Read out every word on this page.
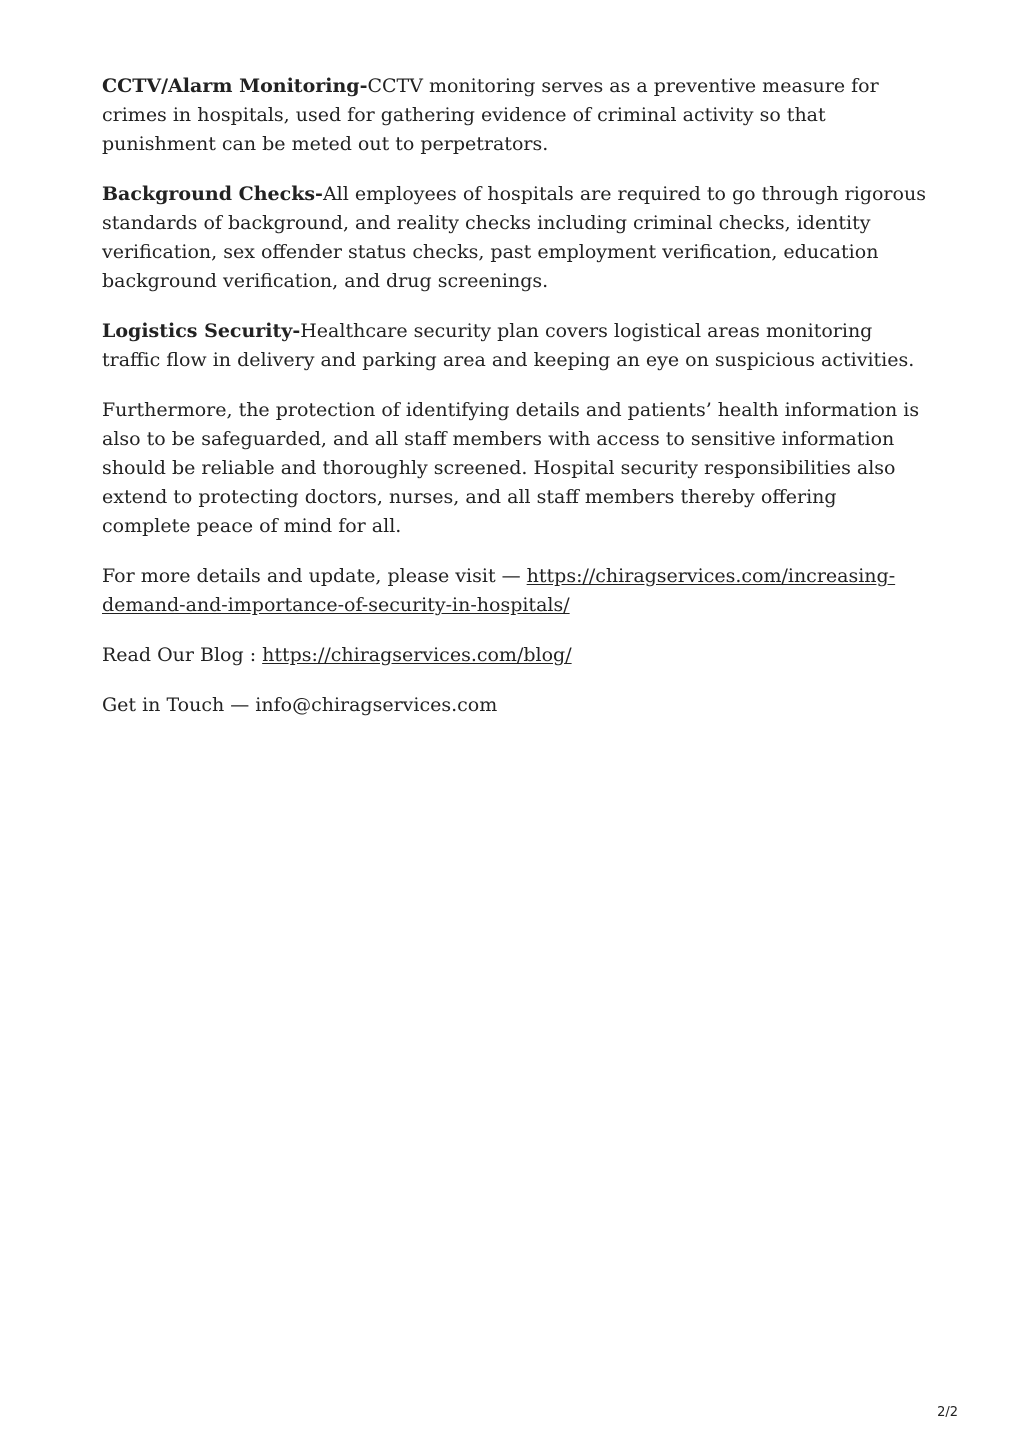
CCTV/Alarm Monitoring-CCTV monitoring serves as a preventive measure for crimes in hospitals, used for gathering evidence of criminal activity so that punishment can be meted out to perpetrators.

Background Checks-All employees of hospitals are required to go through rigorous standards of background, and reality checks including criminal checks, identity verification, sex offender status checks, past employment verification, education background verification, and drug screenings.

Logistics Security-Healthcare security plan covers logistical areas monitoring traffic flow in delivery and parking area and keeping an eye on suspicious activities.

Furthermore, the protection of identifying details and patients’ health information is also to be safeguarded, and all staff members with access to sensitive information should be reliable and thoroughly screened. Hospital security responsibilities also extend to protecting doctors, nurses, and all staff members thereby offering complete peace of mind for all.

For more details and update, please visit — https://chiragservices.com/increasing-demand-and-importance-of-security-in-hospitals/

Read Our Blog : https://chiragservices.com/blog/

Get in Touch — info@chiragservices.com

2/2
